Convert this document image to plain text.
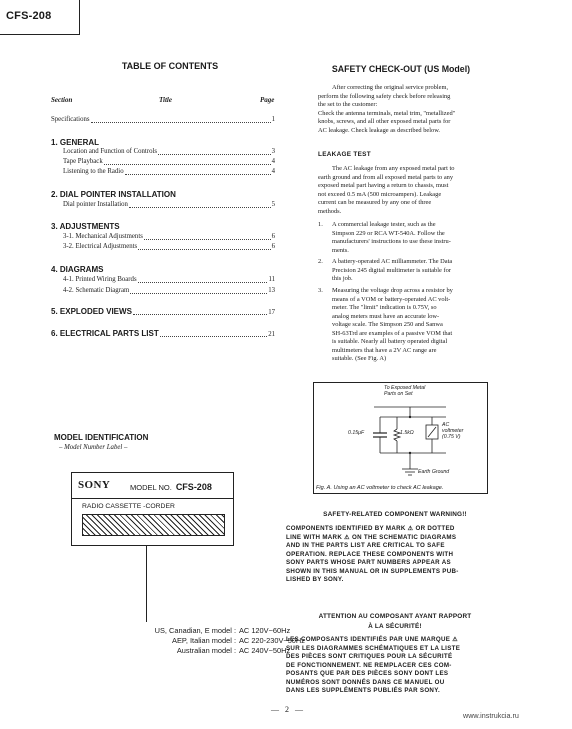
CFS-208
TABLE OF CONTENTS
Section	Title	Page
Specifications	1
1. GENERAL
Location and Function of Controls	3
Tape Playback	4
Listening to the Radio	4
2. DIAL POINTER INSTALLATION
Dial pointer Installation	5
3. ADJUSTMENTS
3-1. Mechanical Adjustments	6
3-2. Electrical Adjustments	6
4. DIAGRAMS
4-1. Printed Wiring Boards	11
4-2. Schematic Diagram	13
5. EXPLODED VIEWS	17
6. ELECTRICAL PARTS LIST	21
MODEL IDENTIFICATION
– Model Number Label –
SONY	MODEL NO. CFS-208
RADIO CASSETTE -CORDER
US, Canadian, E model : AC 120V~60Hz
AEP, Italian model : AC 220-230V~50Hz
Australian model : AC 240V~50Hz
SAFETY CHECK-OUT (US Model)
After correcting the original service problem,
perform the following safety check before releasing
the set to the customer:
Check the antenna terminals, metal trim, "metallized"
knobs, screws, and all other exposed metal parts for
AC leakage. Check leakage as described below.
LEAKAGE TEST
The AC leakage from any exposed metal part to
earth ground and from all exposed metal parts to any
exposed metal part having a return to chassis, must
not exceed 0.5 mA (500 microampers). Leakage
current can be measured by any one of three
methods.
1.	A commercial leakage tester, such as the
Simpson 229 or RCA WT-540A. Follow the
manufacturers' instructions to use these instru-
ments.
2.	A battery-operated AC milliammeter. The Data
Precision 245 digital multimeter is suitable for
this job.
3.	Measuring the voltage drop across a resistor by
means of a VOM or battery-operated AC volt-
meter. The "limit" indication is 0.75V, so
analog meters must have an accurate low-
voltage scale. The Simpson 250 and Sanwa
SH-63Trd are examples of a passive VOM that
is suitable. Nearly all battery operated digital
multimeters that have a 2V AC range are
suitable. (See Fig. A)
To Exposed Metal
Parts on Set
0.15μF	1.5kΩ
AC
voltmeter
(0.75 V)
Earth Ground
Fig. A. Using an AC voltmeter to check AC leakage.
SAFETY-RELATED COMPONENT WARNING!!
COMPONENTS IDENTIFIED BY MARK ⚠ OR DOTTED
LINE WITH MARK ⚠ ON THE SCHEMATIC DIAGRAMS
AND IN THE PARTS LIST ARE CRITICAL TO SAFE
OPERATION. REPLACE THESE COMPONENTS WITH
SONY PARTS WHOSE PART NUMBERS APPEAR AS
SHOWN IN THIS MANUAL OR IN SUPPLEMENTS PUB-
LISHED BY SONY.
ATTENTION AU COMPOSANT AYANT RAPPORT
À LA SÉCURITÉ!
LES COMPOSANTS IDENTIFIÉS PAR UNE MARQUE ⚠
SUR LES DIAGRAMMES SCHÉMATIQUES ET LA LISTE
DES PIÈCES SONT CRITIQUES POUR LA SÉCURITÉ
DE FONCTIONNEMENT. NE REMPLACER CES COM-
POSANTS QUE PAR DES PIÈCES SONY DONT LES
NUMÉROS SONT DONNÉS DANS CE MANUEL OU
DANS LES SUPPLÉMENTS PUBLIÉS PAR SONY.
— 2 —
www.instrukcia.ru
